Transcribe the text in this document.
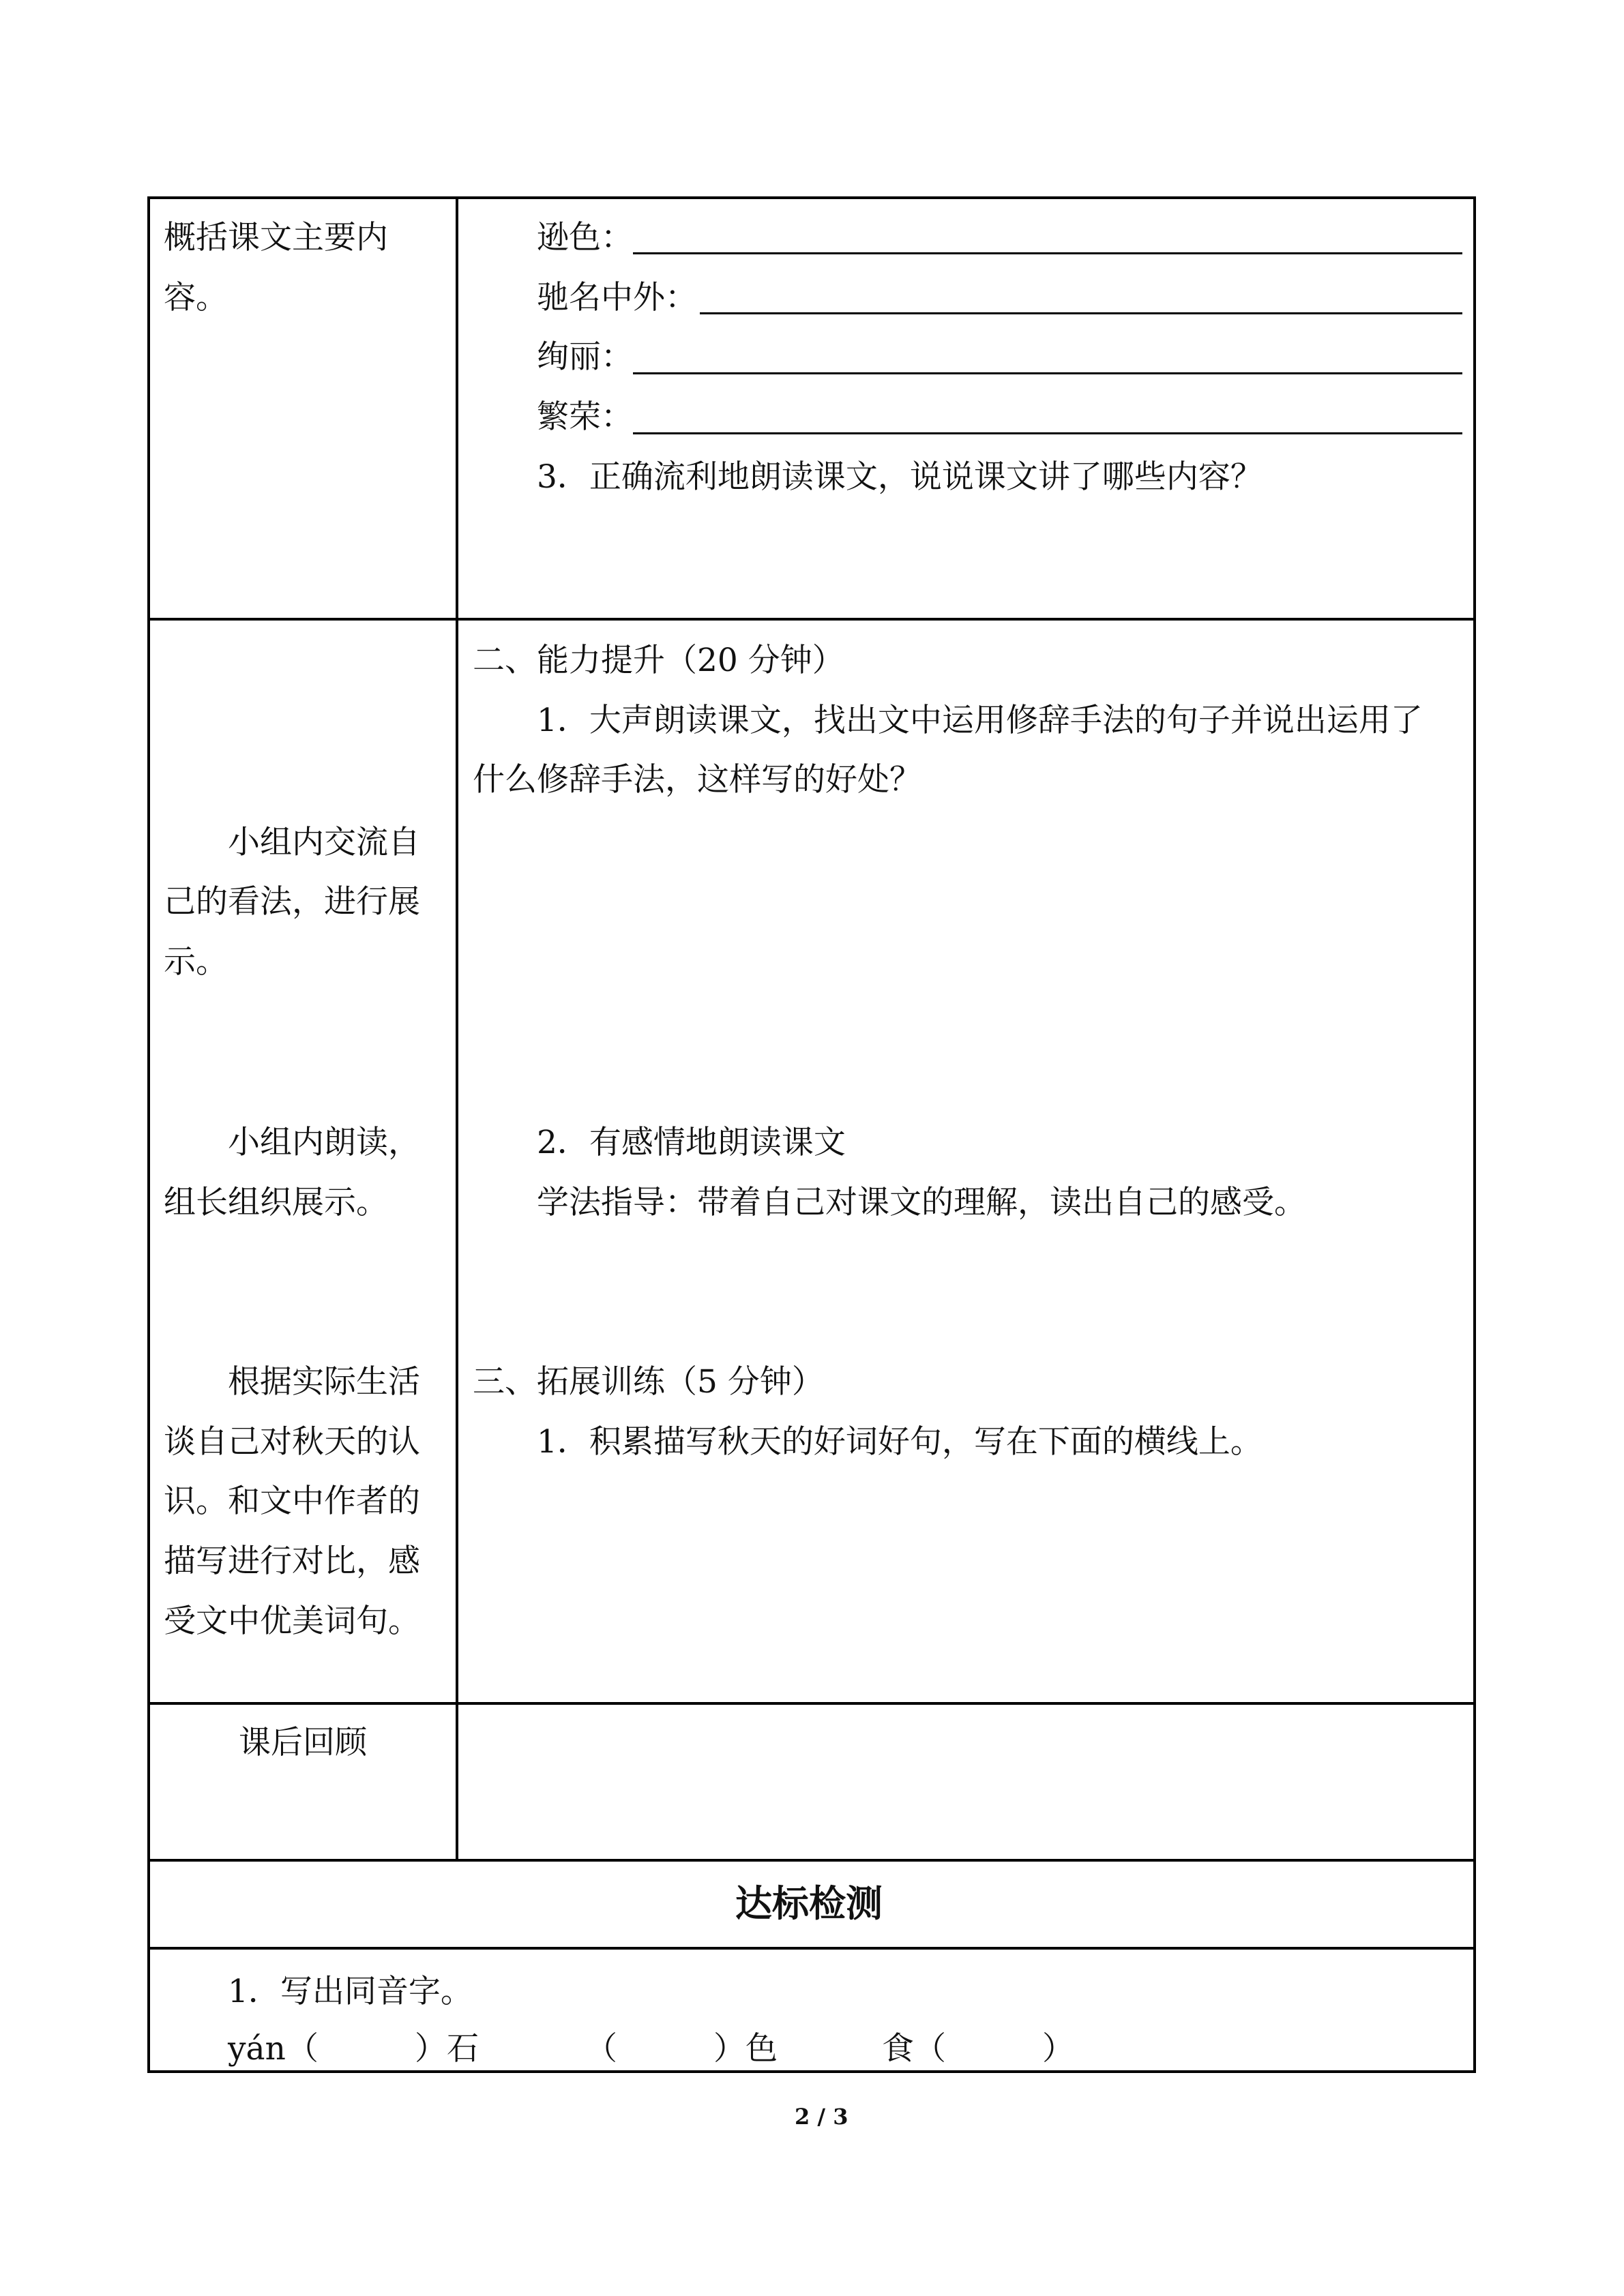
概括课文主要内
容。
逊色：
驰名中外：
绚丽：
繁荣：
3．正确流利地朗读课文，说说课文讲了哪些内容？
小组内交流自
己的看法，进行展
示。
小组内朗读，
组长组织展示。
根据实际生活
谈自己对秋天的认
识。和文中作者的
描写进行对比，感
受文中优美词句。
二、能力提升（20 分钟）
1．大声朗读课文，找出文中运用修辞手法的句子并说出运用了
什么修辞手法，这样写的好处？
2．有感情地朗读课文
学法指导：带着自己对课文的理解，读出自己的感受。
三、拓展训练（5 分钟）
1．积累描写秋天的好词好句，写在下面的横线上。
课后回顾
达标检测
1．写出同音字。
yán （　　　）石	（　　　）色	食（　　　）
2 / 3
